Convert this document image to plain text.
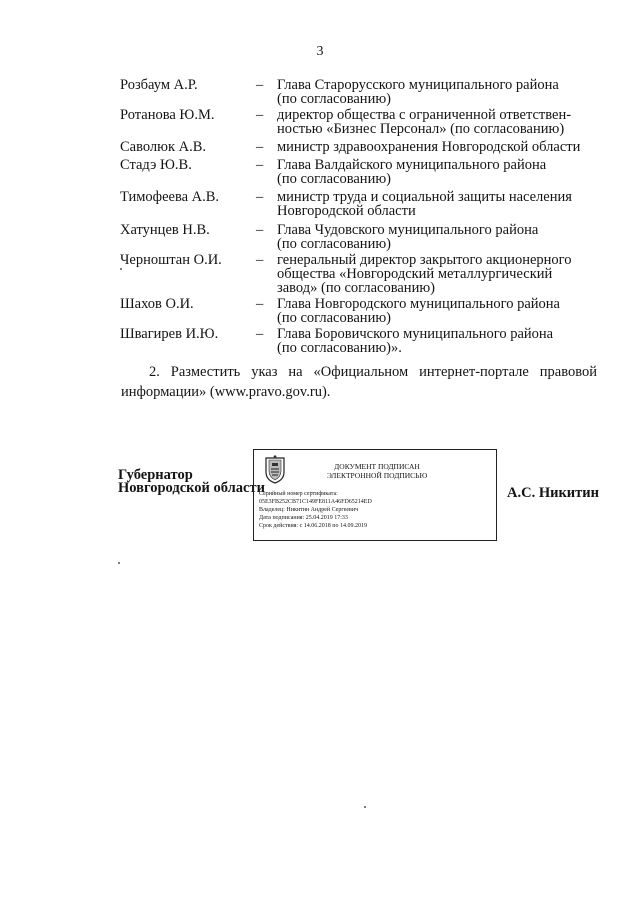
3
Розбаум А.Р.	– Глава Старорусского муниципального района
(по согласованию)
Ротанова Ю.М.	– директор общества с ограниченной ответствен-
ностью «Бизнес Персонал» (по согласованию)
Саволюк А.В.	– министр здравоохранения Новгородской области
Стадэ Ю.В.	– Глава Валдайского муниципального района
(по согласованию)
Тимофеева А.В.	– министр труда и социальной защиты населения
Новгородской области
Хатунцев Н.В.	– Глава Чудовского муниципального района
(по согласованию)
Черноштан О.И. – генеральный директор закрытого акционерного
общества «Новгородский металлургический
завод» (по согласованию)
Шахов О.И.	– Глава Новгородского муниципального района
(по согласованию)
Швагирев И.Ю.	– Глава Боровичского муниципального района
(по согласованию)».
2. Разместить указ на «Официальном интернет-портале правовой
информации» (www.pravo.gov.ru).
Губернатор
Новгородской области
ДОКУМЕНТ ПОДПИСАН
ЭЛЕКТРОННОЙ ПОДПИСЬЮ
Серийный номер сертификата:
05E3FB252CB71C149FE811A46FD65214ED
Владелец: Никитин Андрей Сергеевич
Дата подписания: 25.04.2019 17:33
Срок действия: с 14.06.2018 по 14.09.2019
А.С. Никитин
